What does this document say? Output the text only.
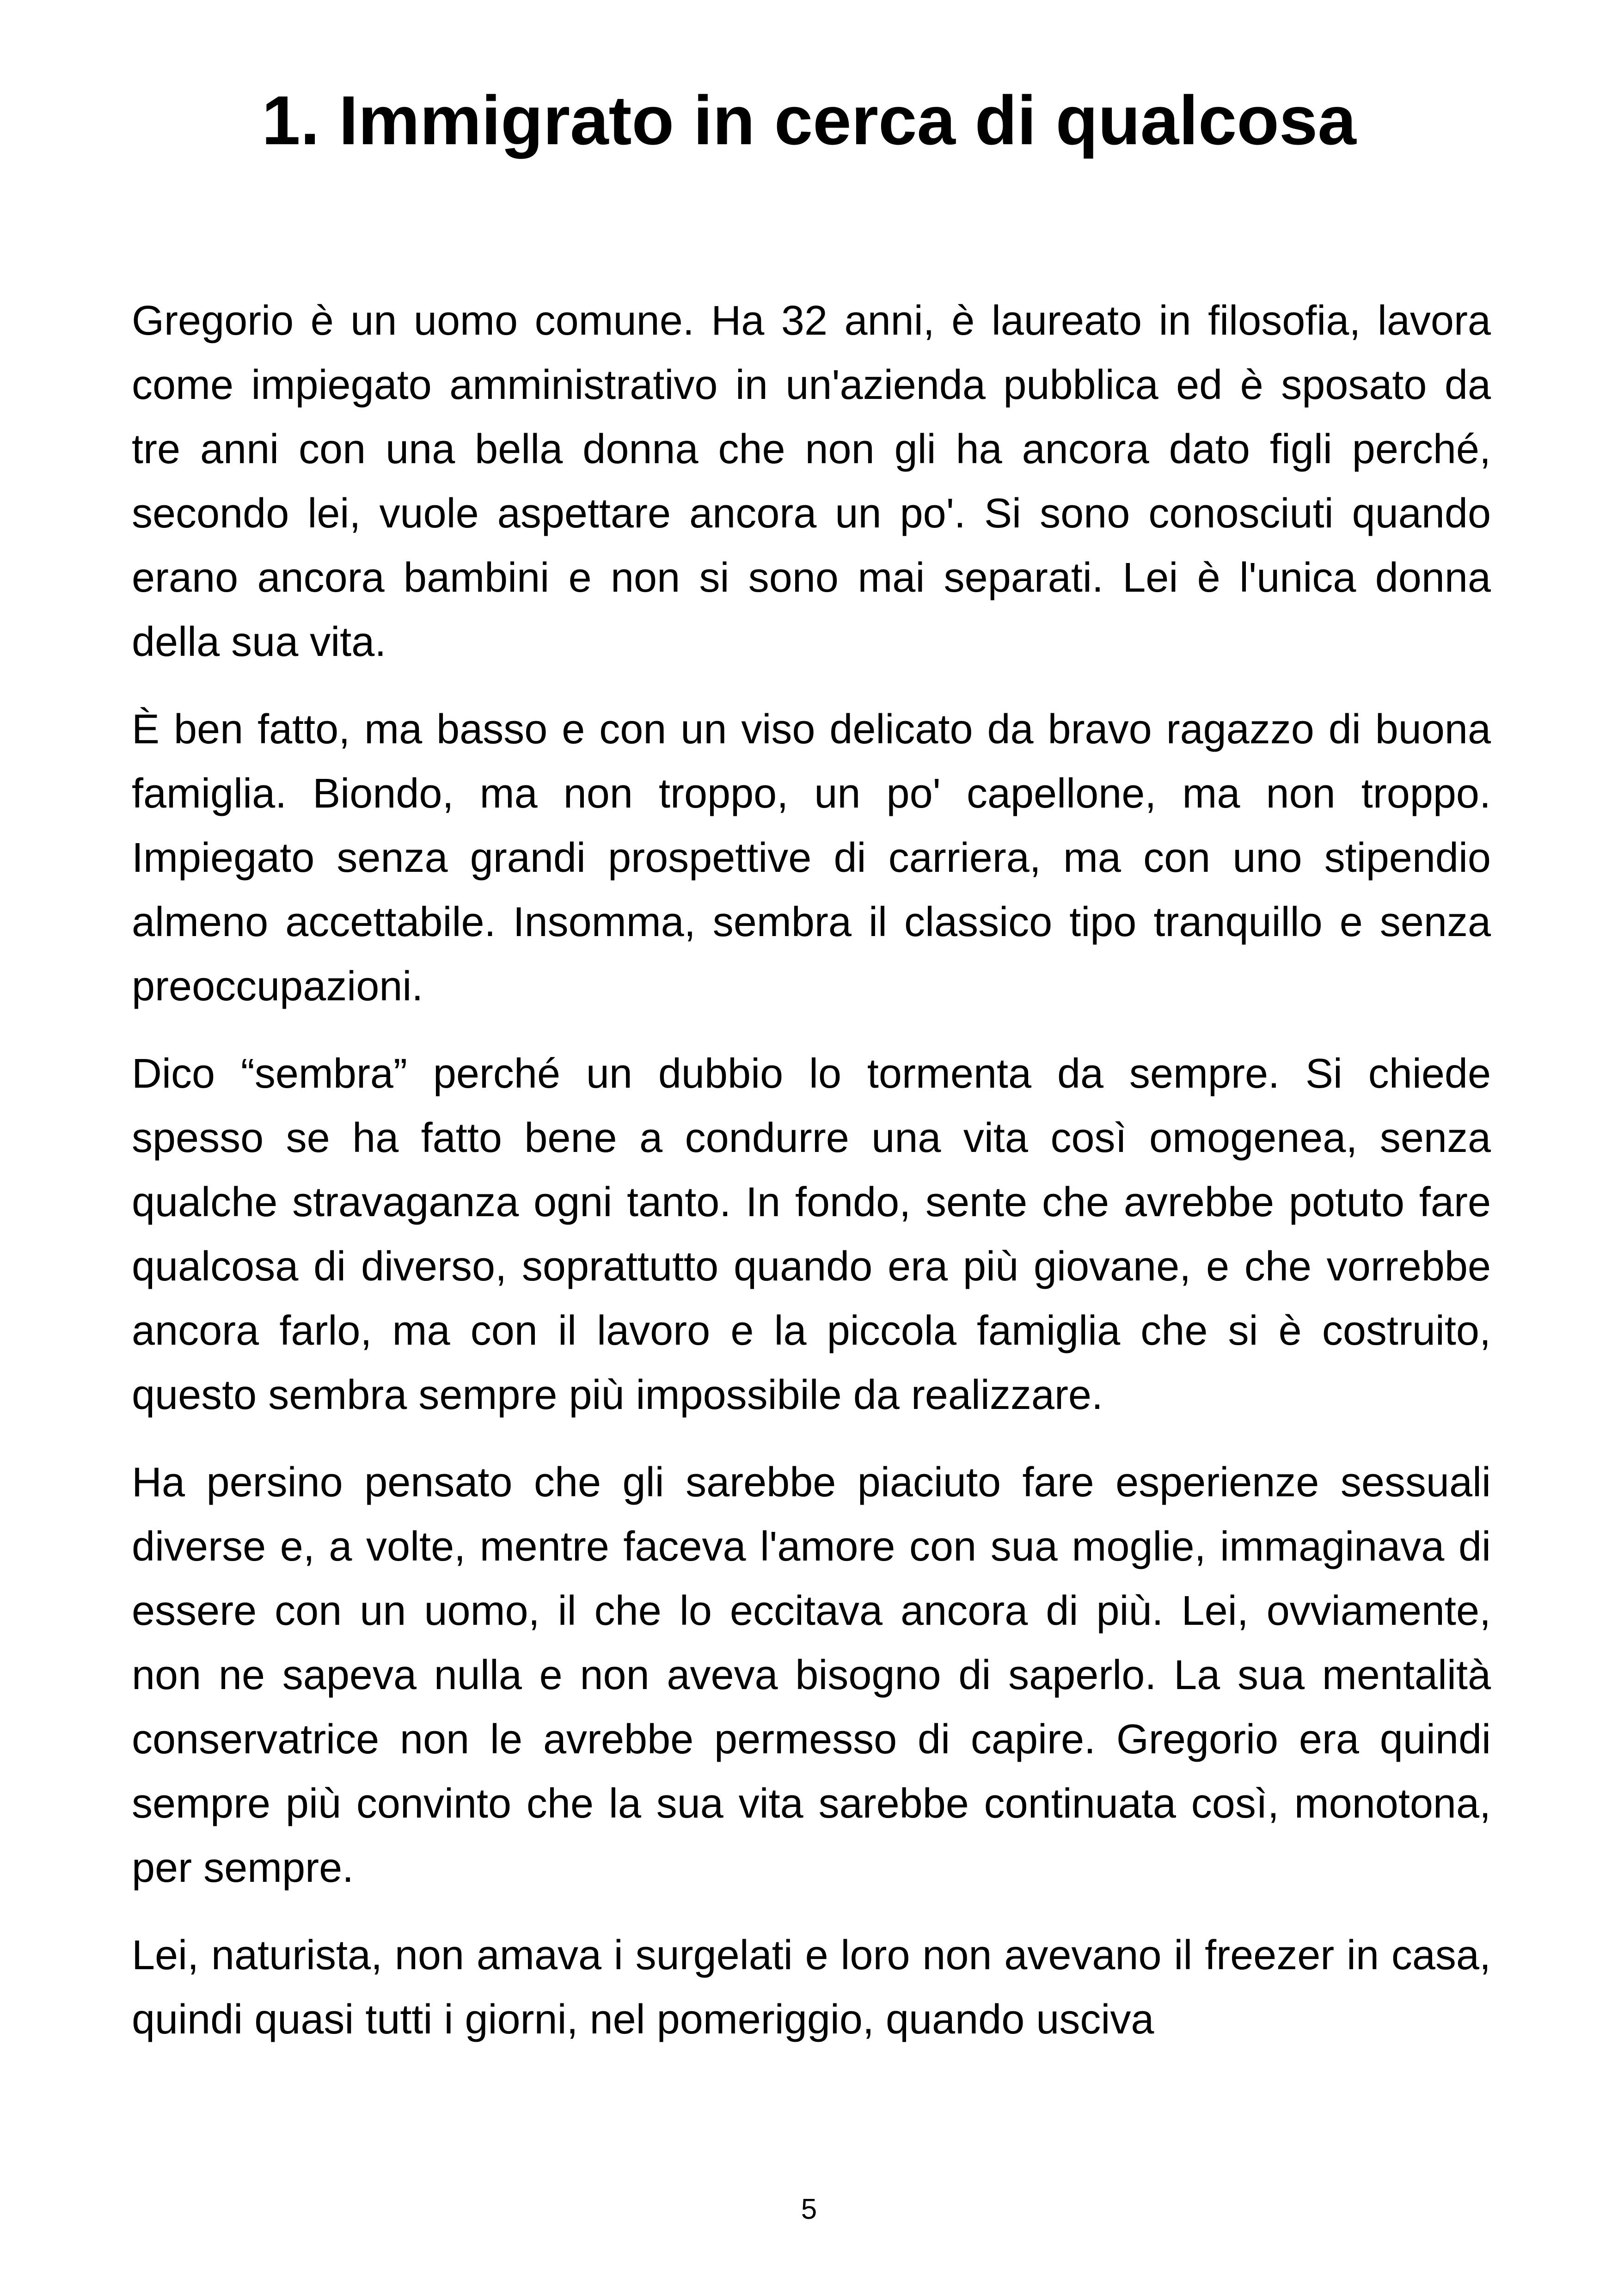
1. Immigrato in cerca di qualcosa

Gregorio è un uomo comune. Ha 32 anni, è laureato in filosofia, lavora come impiegato amministrativo in un'azienda pubblica ed è sposato da tre anni con una bella donna che non gli ha ancora dato figli perché, secondo lei, vuole aspettare ancora un po'. Si sono conosciuti quando erano ancora bambini e non si sono mai separati. Lei è l'unica donna della sua vita.

È ben fatto, ma basso e con un viso delicato da bravo ragazzo di buona famiglia. Biondo, ma non troppo, un po' capellone, ma non troppo. Impiegato senza grandi prospettive di carriera, ma con uno stipendio almeno accettabile. Insomma, sembra il classico tipo tranquillo e senza preoccupazioni.

Dico “sembra” perché un dubbio lo tormenta da sempre. Si chiede spesso se ha fatto bene a condurre una vita così omogenea, senza qualche stravaganza ogni tanto. In fondo, sente che avrebbe potuto fare qualcosa di diverso, soprattutto quando era più giovane, e che vorrebbe ancora farlo, ma con il lavoro e la piccola famiglia che si è costruito, questo sembra sempre più impossibile da realizzare.

Ha persino pensato che gli sarebbe piaciuto fare esperienze sessuali diverse e, a volte, mentre faceva l'amore con sua moglie, immaginava di essere con un uomo, il che lo eccitava ancora di più. Lei, ovviamente, non ne sapeva nulla e non aveva bisogno di saperlo. La sua mentalità conservatrice non le avrebbe permesso di capire. Gregorio era quindi sempre più convinto che la sua vita sarebbe continuata così, monotona, per sempre.

Lei, naturista, non amava i surgelati e loro non avevano il freezer in casa, quindi quasi tutti i giorni, nel pomeriggio, quando usciva

5
